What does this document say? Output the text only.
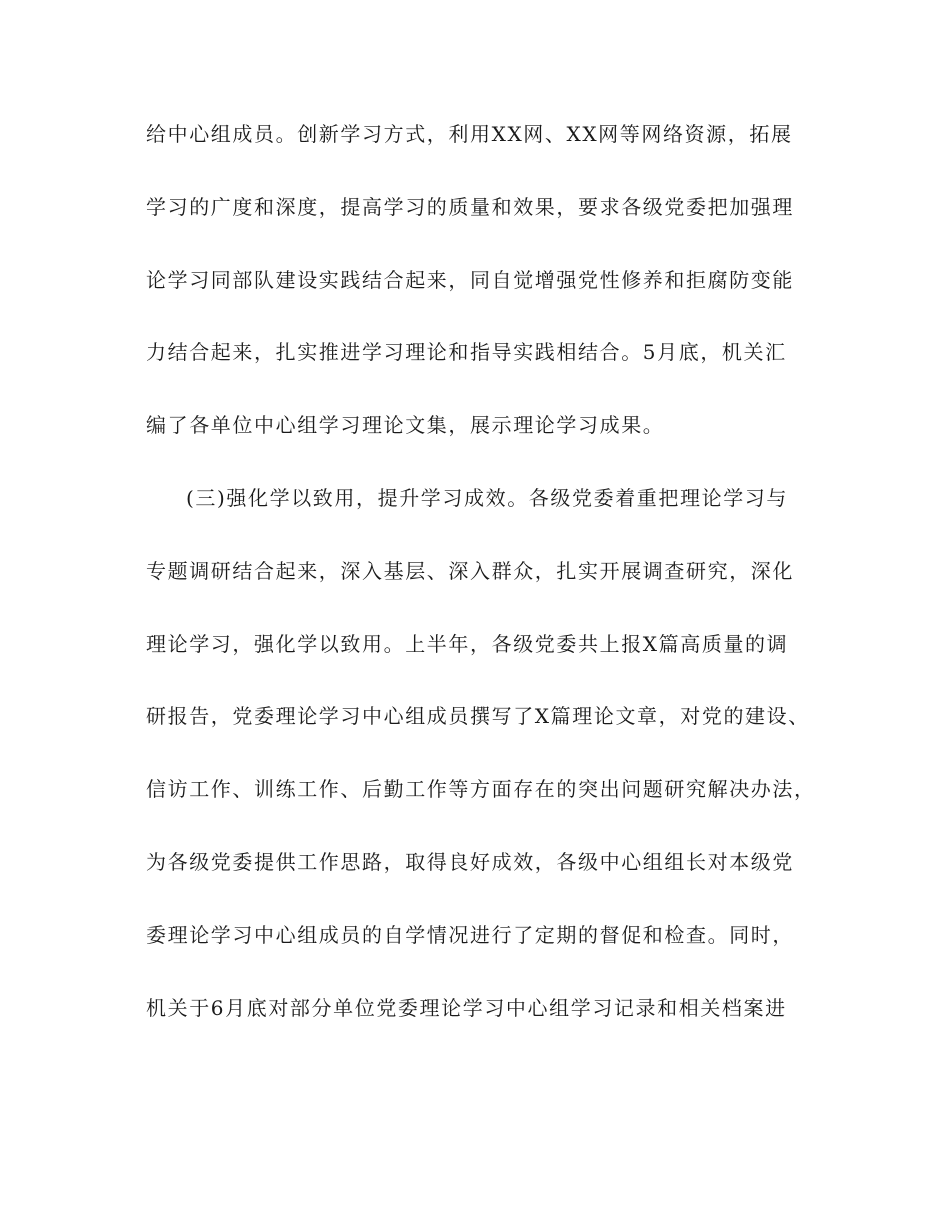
给中心组成员。创新学习方式，利用XX网、XX网等网络资源，拓展
学习的广度和深度，提高学习的质量和效果，要求各级党委把加强理
论学习同部队建设实践结合起来，同自觉增强党性修养和拒腐防变能
力结合起来，扎实推进学习理论和指导实践相结合。5月底，机关汇
编了各单位中心组学习理论文集，展示理论学习成果。
(三)强化学以致用，提升学习成效。各级党委着重把理论学习与
专题调研结合起来，深入基层、深入群众，扎实开展调查研究，深化
理论学习，强化学以致用。上半年，各级党委共上报X篇高质量的调
研报告，党委理论学习中心组成员撰写了X篇理论文章，对党的建设、
信访工作、训练工作、后勤工作等方面存在的突出问题研究解决办法，
为各级党委提供工作思路，取得良好成效，各级中心组组长对本级党
委理论学习中心组成员的自学情况进行了定期的督促和检查。同时，
机关于6月底对部分单位党委理论学习中心组学习记录和相关档案进
